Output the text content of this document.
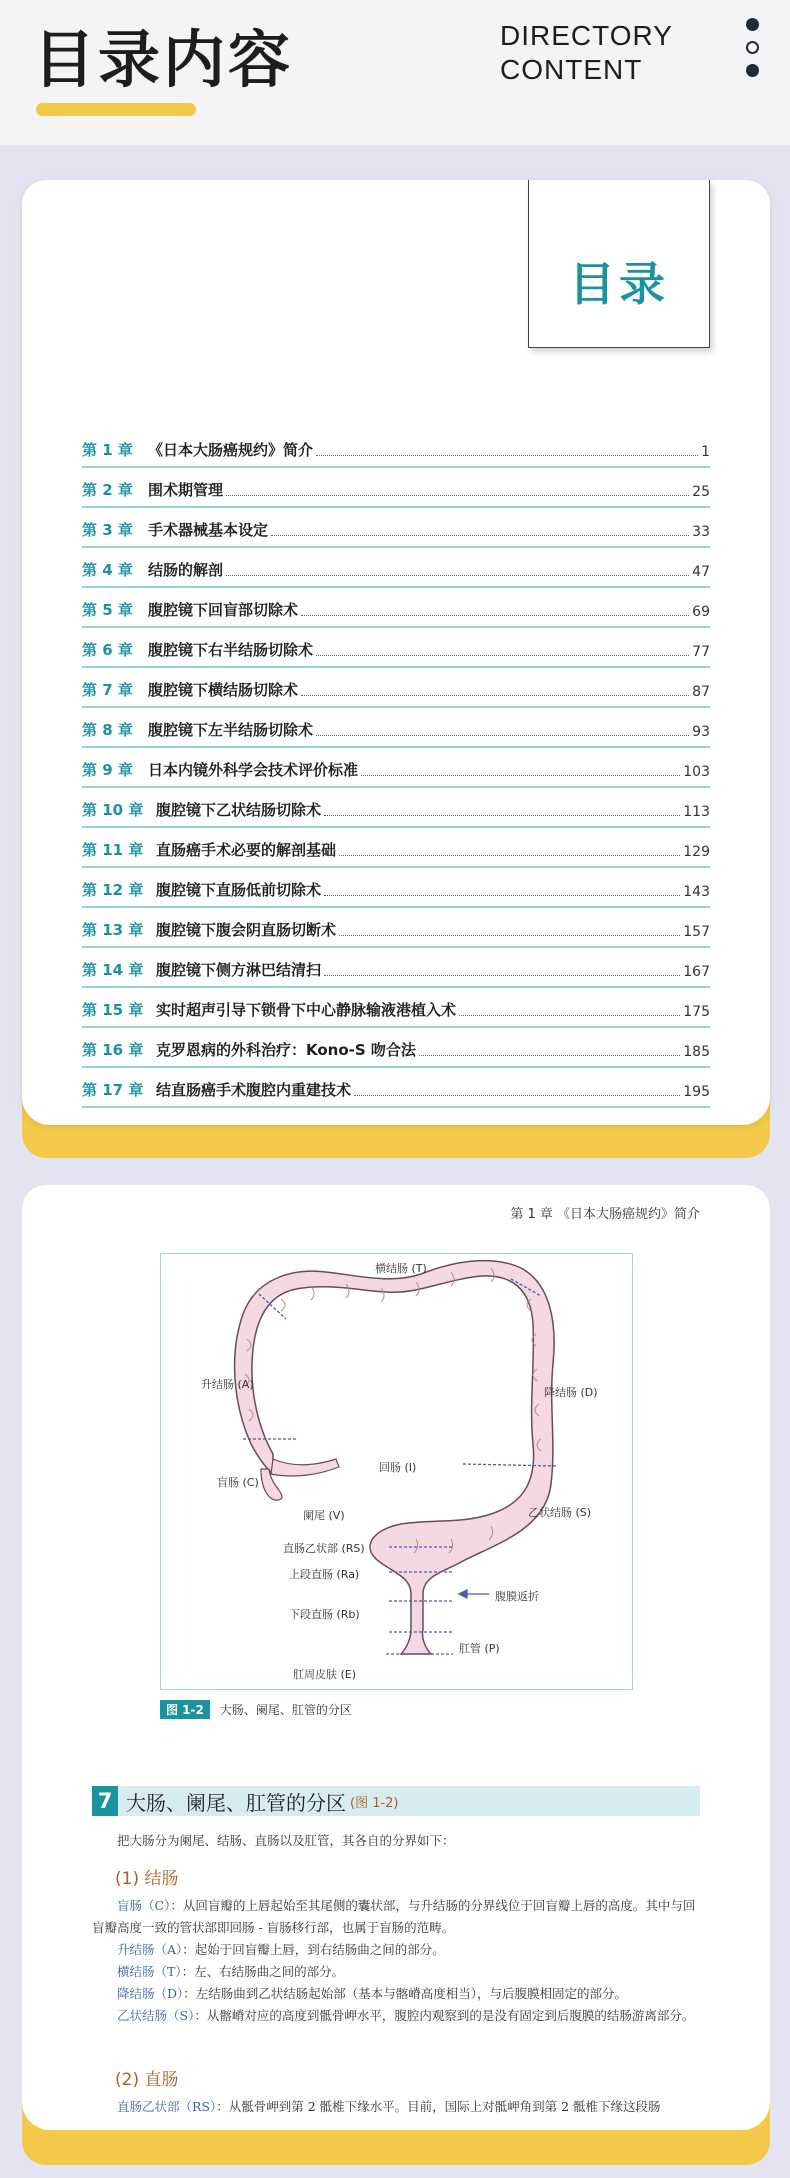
目录内容	DIRECTORY
CONTENT
目录
第 1 章	《日本大肠癌规约》简介	1
第 2 章	围术期管理	25
第 3 章	手术器械基本设定	33
第 4 章	结肠的解剖	47
第 5 章	腹腔镜下回盲部切除术	69
第 6 章	腹腔镜下右半结肠切除术	77
第 7 章	腹腔镜下横结肠切除术	87
第 8 章	腹腔镜下左半结肠切除术	93
第 9 章	日本内镜外科学会技术评价标准	103
第 10 章 腹腔镜下乙状结肠切除术	113
第 11 章 直肠癌手术必要的解剖基础	129
第 12 章 腹腔镜下直肠低前切除术	143
第 13 章 腹腔镜下腹会阴直肠切断术	157
第 14 章 腹腔镜下侧方淋巴结清扫	167
第 15 章 实时超声引导下锁骨下中心静脉输液港植入术	175
第 16 章 克罗恩病的外科治疗：Kono-S 吻合法	185
第 17 章 结直肠癌手术腹腔内重建技术	195
第 1 章 《日本大肠癌规约》简介
横结肠 (T)
升结肠 (A)
降结肠 (D)
回肠 (I)
盲肠 (C)
阑尾 (V)	乙状结肠 (S)
直肠乙状部 (RS)
上段直肠 (Ra)
腹膜返折
下段直肠 (Rb)
肛管 (P)
肛周皮肤 (E)
图 1-2	大肠、阑尾、肛管的分区
7 大肠、阑尾、肛管的分区 (图 1-2)
把大肠分为阑尾、结肠、直肠以及肛管，其各自的分界如下：
(1) 结肠
盲肠（C）：从回盲瓣的上唇起始至其尾侧的囊状部，与升结肠的分界线位于回盲瓣上唇的高度。其中与回盲瓣高度一致的管状部即回肠 - 盲肠移行部，也属于盲肠的范畴。
升结肠（A）：起始于回盲瓣上唇，到右结肠曲之间的部分。
横结肠（T）：左、右结肠曲之间的部分。
降结肠（D）：左结肠曲到乙状结肠起始部（基本与髂嵴高度相当），与后腹膜相固定的部分。
乙状结肠（S）：从髂嵴对应的高度到骶骨岬水平，腹腔内观察到的是没有固定到后腹膜的结肠游离部分。
(2) 直肠
直肠乙状部（RS）：从骶骨岬到第 2 骶椎下缘水平。目前，国际上对骶岬角到第 2 骶椎下缘这段肠
